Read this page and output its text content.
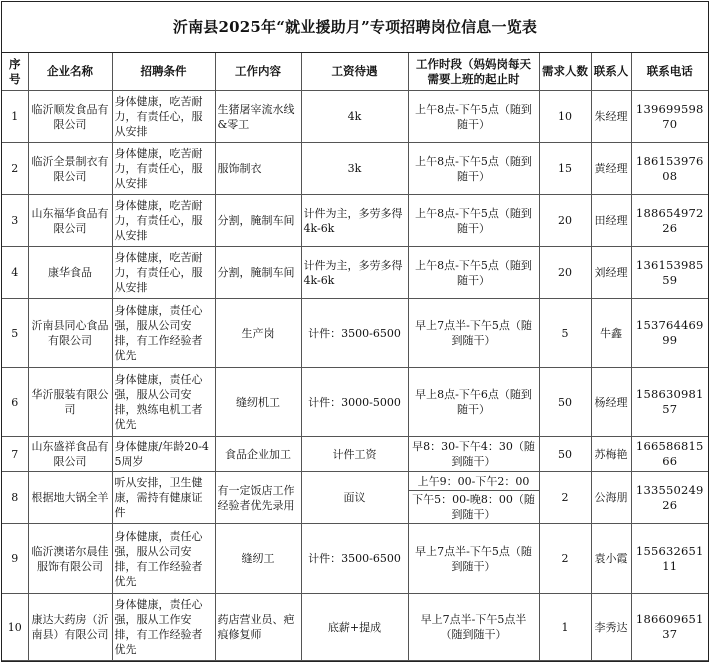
沂南县2025年“就业援助月”专项招聘岗位信息一览表
序号	企业名称	招聘条件	工作内容	工资待遇	工作时段（妈妈岗每天需要上班的起止时	需求人数	联系人	联系电话
1	临沂顺发食品有限公司	身体健康，吃苦耐力，有责任心，服从安排	生猪屠宰流水线&零工	4k	上午8点-下午5点（随到随干）	10	朱经理	13969959870
2	临沂全景制衣有限公司	身体健康，吃苦耐力，有责任心，服从安排	服饰制衣	3k	上午8点-下午5点（随到随干）	15	黄经理	18615397608
3	山东福华食品有限公司	身体健康，吃苦耐力，有责任心，服从安排	分割，腌制车间	计件为主，多劳多得4k-6k	上午8点-下午5点（随到随干）	20	田经理	18865497226
4	康华食品	身体健康，吃苦耐力，有责任心，服从安排	分割，腌制车间	计件为主，多劳多得4k-6k	上午8点-下午5点（随到随干）	20	刘经理	13615398559
5	沂南县同心食品有限公司	身体健康，责任心强，服从公司安排，有工作经验者优先	生产岗	计件：3500-6500	早上7点半-下午5点（随到随干）	5	牛鑫	15376446999
6	华沂服装有限公司	身体健康，责任心强，服从公司安排，熟练电机工者优先	缝纫机工	计件：3000-5000	早上8点-下午6点（随到随干）	50	杨经理	15863098157
7	山东盛祥食品有限公司	身体健康/年龄20-45周岁	食品企业加工	计件工资	早8：30-下午4：30（随到随干）	50	苏梅艳	16658681566
8	根据地大锅全羊	听从安排，卫生健康，需持有健康证件	有一定饭店工作经验者优先录用	面议	上午9：00-下午2：00
下午5：00-晚8：00（随到随干）	2	公海朋	13355024926
9	临沂澳诺尔晨佳服饰有限公司	身体健康，责任心强，服从公司安排，有工作经验者优先	缝纫工	计件：3500-6500	早上7点半-下午5点（随到随干）	2	袁小霞	15563265111
10	康达大药房（沂南县）有限公司	身体健康，责任心强，服从工作安排，有工作经验者优先	药店营业员、疤痕修复师	底薪+提成	早上7点半-下午5点半（随到随干）	1	李秀达	18660965137
